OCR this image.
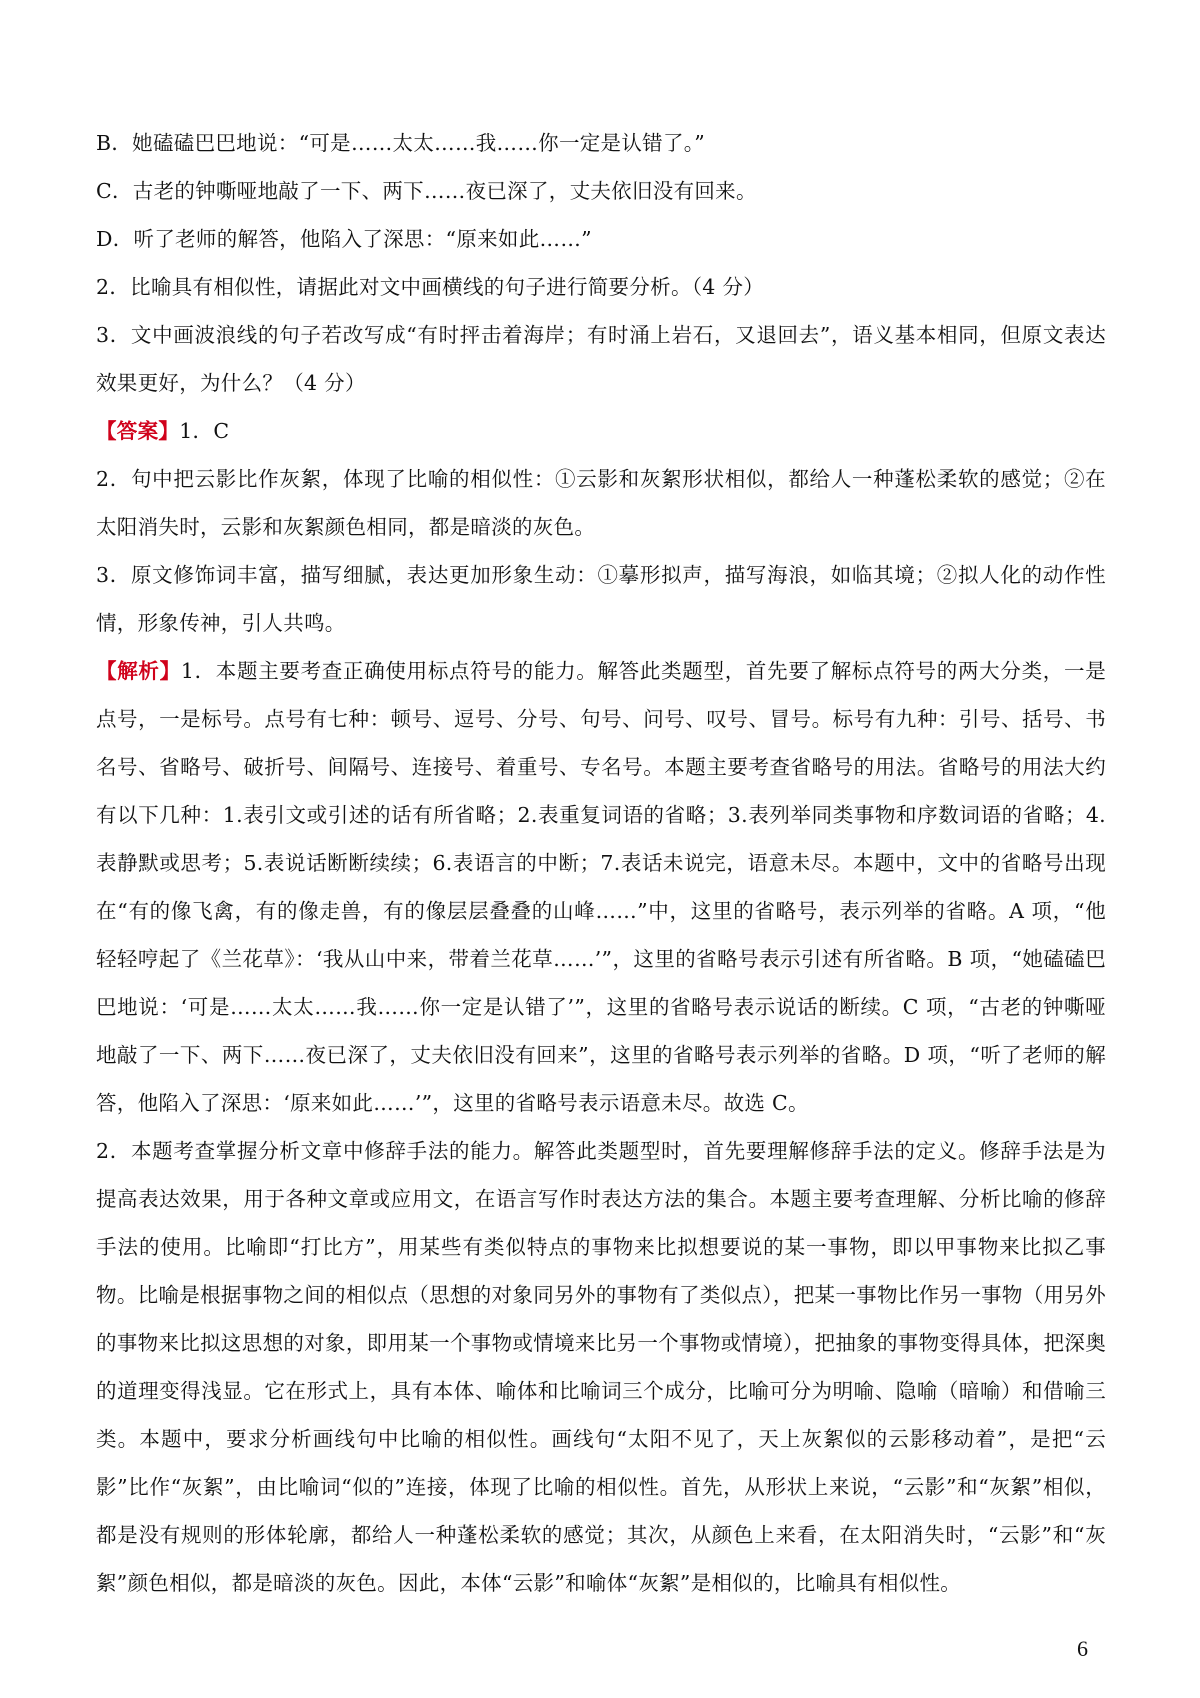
B．她磕磕巴巴地说：“可是……太太……我……你一定是认错了。”

C．古老的钟嘶哑地敲了一下、两下……夜已深了，丈夫依旧没有回来。

D．听了老师的解答，他陷入了深思：“原来如此……”

2．比喻具有相似性，请据此对文中画横线的句子进行简要分析。（4 分）

3．文中画波浪线的句子若改写成“有时抨击着海岸；有时涌上岩石，又退回去”，语义基本相同，但原文表达效果更好，为什么？（4 分）

【答案】1．C

2．句中把云影比作灰絮，体现了比喻的相似性：①云影和灰絮形状相似，都给人一种蓬松柔软的感觉；②在太阳消失时，云影和灰絮颜色相同，都是暗淡的灰色。

3．原文修饰词丰富，描写细腻，表达更加形象生动：①摹形拟声，描写海浪，如临其境；②拟人化的动作性情，形象传神，引人共鸣。

【解析】1．本题主要考查正确使用标点符号的能力。解答此类题型，首先要了解标点符号的两大分类，一是点号，一是标号。点号有七种：顿号、逗号、分号、句号、问号、叹号、冒号。标号有九种：引号、括号、书名号、省略号、破折号、间隔号、连接号、着重号、专名号。本题主要考查省略号的用法。省略号的用法大约有以下几种：1.表引文或引述的话有所省略；2.表重复词语的省略；3.表列举同类事物和序数词语的省略；4.表静默或思考；5.表说话断断续续；6.表语言的中断；7.表话未说完，语意未尽。本题中，文中的省略号出现在“有的像飞禽，有的像走兽，有的像层层叠叠的山峰……”中，这里的省略号，表示列举的省略。A 项，“他轻轻哼起了《兰花草》：‘我从山中来，带着兰花草……’”，这里的省略号表示引述有所省略。B 项，“她磕磕巴巴地说：‘可是……太太……我……你一定是认错了’”，这里的省略号表示说话的断续。C 项，“古老的钟嘶哑地敲了一下、两下……夜已深了，丈夫依旧没有回来”，这里的省略号表示列举的省略。D 项，“听了老师的解答，他陷入了深思：‘原来如此……’”，这里的省略号表示语意未尽。故选 C。

2．本题考查掌握分析文章中修辞手法的能力。解答此类题型时，首先要理解修辞手法的定义。修辞手法是为提高表达效果，用于各种文章或应用文，在语言写作时表达方法的集合。本题主要考查理解、分析比喻的修辞手法的使用。比喻即“打比方”，用某些有类似特点的事物来比拟想要说的某一事物，即以甲事物来比拟乙事物。比喻是根据事物之间的相似点（思想的对象同另外的事物有了类似点），把某一事物比作另一事物（用另外的事物来比拟这思想的对象，即用某一个事物或情境来比另一个事物或情境），把抽象的事物变得具体，把深奥的道理变得浅显。它在形式上，具有本体、喻体和比喻词三个成分，比喻可分为明喻、隐喻（暗喻）和借喻三类。本题中，要求分析画线句中比喻的相似性。画线句“太阳不见了，天上灰絮似的云影移动着”，是把“云影”比作“灰絮”，由比喻词“似的”连接，体现了比喻的相似性。首先，从形状上来说，“云影”和“灰絮”相似，都是没有规则的形体轮廓，都给人一种蓬松柔软的感觉；其次，从颜色上来看，在太阳消失时，“云影”和“灰絮”颜色相似，都是暗淡的灰色。因此，本体“云影”和喻体“灰絮”是相似的，比喻具有相似性。

6
